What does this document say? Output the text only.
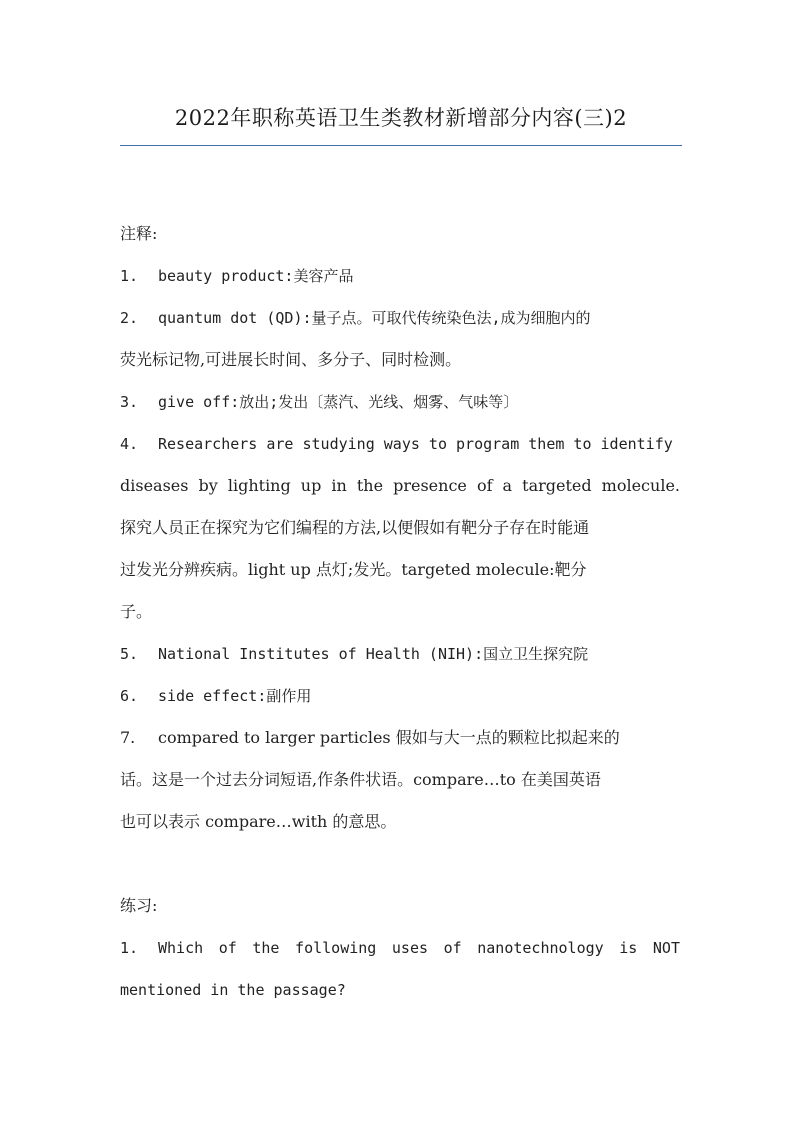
2022年职称英语卫生类教材新增部分内容(三)2
注释:
1. beauty product:美容产品
2. quantum dot (QD):量子点。可取代传统染色法,成为细胞内的
荧光标记物,可进展长时间、多分子、同时检测。
3. give off:放出;发出〔蒸汽、光线、烟雾、气味等〕
4. Researchers are studying ways to program them to identify
diseases by lighting up in the presence of a targeted molecule.
探究人员正在探究为它们编程的方法,以便假如有靶分子存在时能通
过发光分辨疾病。light up 点灯;发光。targeted molecule:靶分
子。
5. National Institutes of Health (NIH):国立卫生探究院
6. side effect:副作用
7. compared to larger particles 假如与大一点的颗粒比拟起来的
话。这是一个过去分词短语,作条件状语。compare…to 在美国英语
也可以表示 compare…with 的意思。
练习:
1. Which of the following uses of nanotechnology is NOT
mentioned in the passage?
